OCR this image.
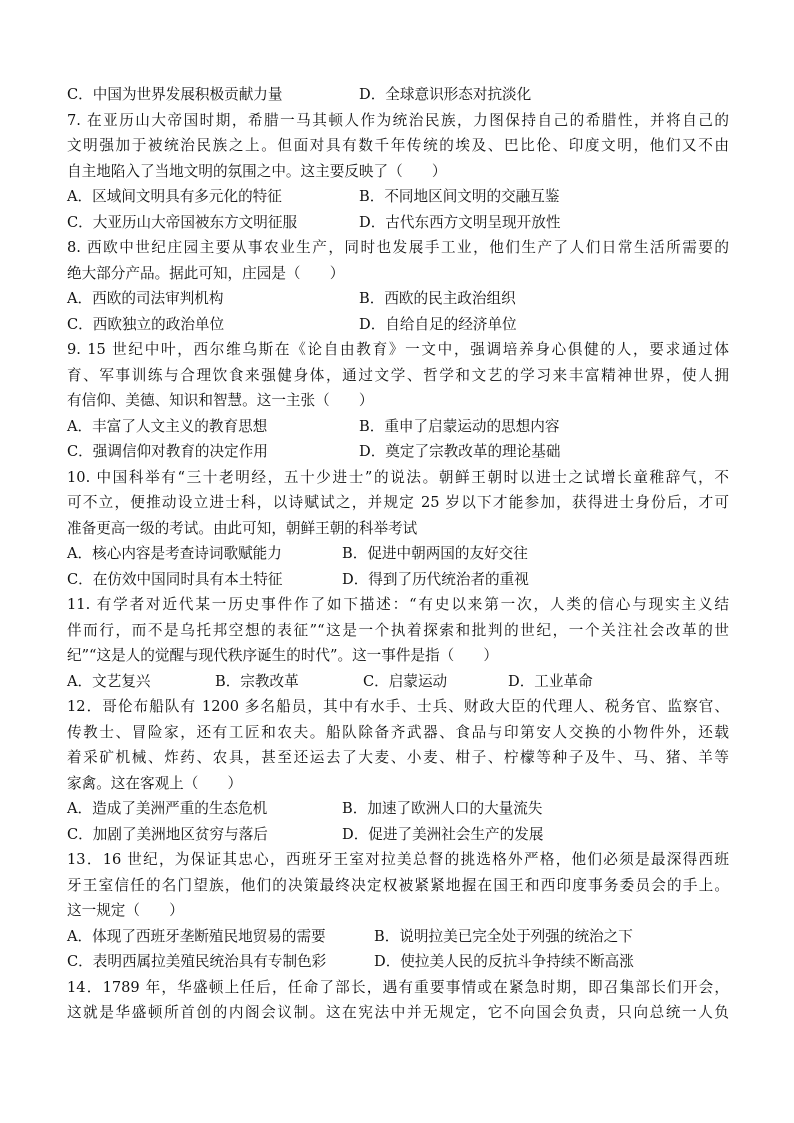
C．中国为世界发展积极贡献力量	D．全球意识形态对抗淡化
7. 在亚历山大帝国时期，希腊一马其顿人作为统治民族，力图保持自己的希腊性，并将自己的
文明强加于被统治民族之上。但面对具有数千年传统的埃及、巴比伦、印度文明，他们又不由
自主地陷入了当地文明的氛围之中。这主要反映了（　　）
A．区域间文明具有多元化的特征	B．不同地区间文明的交融互鉴
C．大亚历山大帝国被东方文明征服	D．古代东西方文明呈现开放性
8. 西欧中世纪庄园主要从事农业生产，同时也发展手工业，他们生产了人们日常生活所需要的
绝大部分产品。据此可知，庄园是（　　）
A．西欧的司法审判机构	B．西欧的民主政治组织
C．西欧独立的政治单位	D．自给自足的经济单位
9. 15 世纪中叶，西尔维乌斯在《论自由教育》一文中，强调培养身心俱健的人，要求通过体
育、军事训练与合理饮食来强健身体，通过文学、哲学和文艺的学习来丰富精神世界，使人拥
有信仰、美德、知识和智慧。这一主张（　　）
A．丰富了人文主义的教育思想	B．重申了启蒙运动的思想内容
C．强调信仰对教育的决定作用	D．奠定了宗教改革的理论基础
10. 中国科举有“三十老明经，五十少进士”的说法。朝鲜王朝时以进士之试增长童稚辞气，不
可不立，便推动设立进士科，以诗赋试之，并规定 25 岁以下才能参加，获得进士身份后，才可
准备更高一级的考试。由此可知，朝鲜王朝的科举考试
A．核心内容是考查诗词歌赋能力	B．促进中朝两国的友好交往
C．在仿效中国同时具有本土特征	D．得到了历代统治者的重视
11. 有学者对近代某一历史事件作了如下描述：“有史以来第一次，人类的信心与现实主义结
伴而行，而不是乌托邦空想的表征”“这是一个执着探索和批判的世纪，一个关注社会改革的世
纪”“这是人的觉醒与现代秩序诞生的时代”。这一事件是指（　　）
A．文艺复兴	B．宗教改革	C．启蒙运动	D．工业革命
12．哥伦布船队有 1200 多名船员，其中有水手、士兵、财政大臣的代理人、税务官、监察官、
传教士、冒险家，还有工匠和农夫。船队除备齐武器、食品与印第安人交换的小物件外，还载
着采矿机械、炸药、农具，甚至还运去了大麦、小麦、柑子、柠檬等种子及牛、马、猪、羊等
家禽。这在客观上（　　）
A．造成了美洲严重的生态危机	B．加速了欧洲人口的大量流失
C．加剧了美洲地区贫穷与落后	D．促进了美洲社会生产的发展
13．16 世纪，为保证其忠心，西班牙王室对拉美总督的挑选格外严格，他们必须是最深得西班
牙王室信任的名门望族，他们的决策最终决定权被紧紧地握在国王和西印度事务委员会的手上。
这一规定（　　）
A．体现了西班牙垄断殖民地贸易的需要	B．说明拉美已完全处于列强的统治之下
C．表明西属拉美殖民统治具有专制色彩	D．使拉美人民的反抗斗争持续不断高涨
14．1789 年，华盛顿上任后，任命了部长，遇有重要事情或在紧急时期，即召集部长们开会，
这就是华盛顿所首创的内阁会议制。这在宪法中并无规定，它不向国会负责，只向总统一人负
